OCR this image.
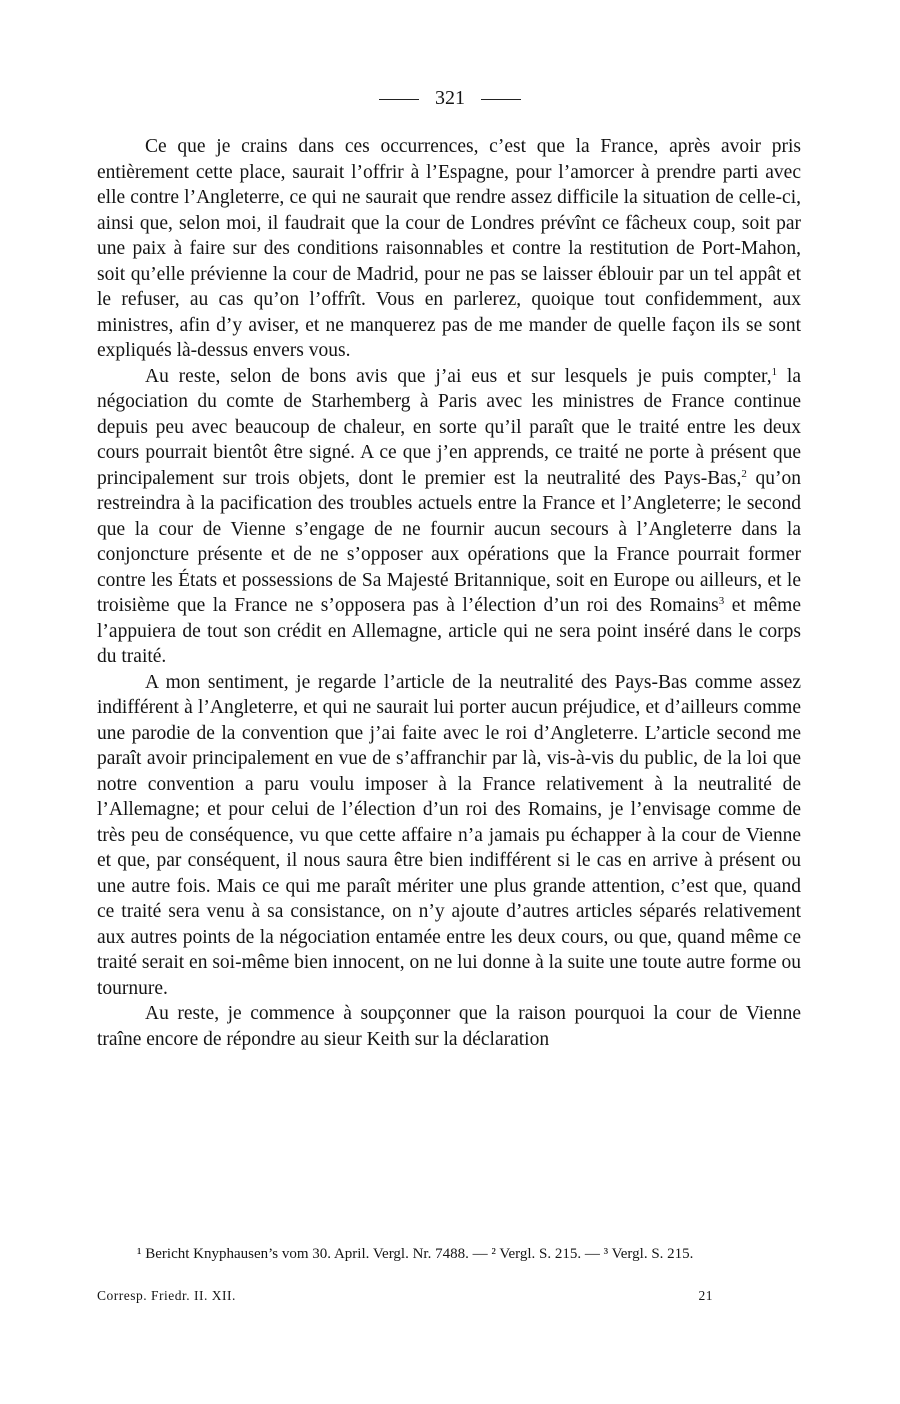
321

Ce que je crains dans ces occurrences, c’est que la France, après avoir pris entièrement cette place, saurait l’offrir à l’Espagne, pour l’amorcer à prendre parti avec elle contre l’Angleterre, ce qui ne saurait que rendre assez difficile la situation de celle-ci, ainsi que, selon moi, il faudrait que la cour de Londres prévînt ce fâcheux coup, soit par une paix à faire sur des conditions raisonnables et contre la restitution de Port-Mahon, soit qu’elle prévienne la cour de Madrid, pour ne pas se laisser éblouir par un tel appât et le refuser, au cas qu’on l’offrît. Vous en parlerez, quoique tout confidemment, aux ministres, afin d’y aviser, et ne manquerez pas de me mander de quelle façon ils se sont expliqués là-dessus envers vous.

Au reste, selon de bons avis que j’ai eus et sur lesquels je puis compter,$^1$ la négociation du comte de Starhemberg à Paris avec les ministres de France continue depuis peu avec beaucoup de chaleur, en sorte qu’il paraît que le traité entre les deux cours pourrait bientôt être signé. A ce que j’en apprends, ce traité ne porte à présent que principalement sur trois objets, dont le premier est la neutralité des Pays-Bas,$^2$ qu’on restreindra à la pacification des troubles actuels entre la France et l’Angleterre; le second que la cour de Vienne s’engage de ne fournir aucun secours à l’Angleterre dans la conjoncture présente et de ne s’opposer aux opérations que la France pourrait former contre les États et possessions de Sa Majesté Britannique, soit en Europe ou ailleurs, et le troisième que la France ne s’opposera pas à l’élection d’un roi des Romains$^3$ et même l’appuiera de tout son crédit en Allemagne, article qui ne sera point inséré dans le corps du traité.

A mon sentiment, je regarde l’article de la neutralité des Pays-Bas comme assez indifférent à l’Angleterre, et qui ne saurait lui porter aucun préjudice, et d’ailleurs comme une parodie de la convention que j’ai faite avec le roi d’Angleterre. L’article second me paraît avoir principalement en vue de s’affranchir par là, vis-à-vis du public, de la loi que notre convention a paru voulu imposer à la France relativement à la neutralité de l’Allemagne; et pour celui de l’élection d’un roi des Romains, je l’envisage comme de très peu de conséquence, vu que cette affaire n’a jamais pu échapper à la cour de Vienne et que, par conséquent, il nous saura être bien indifférent si le cas en arrive à présent ou une autre fois. Mais ce qui me paraît mériter une plus grande attention, c’est que, quand ce traité sera venu à sa consistance, on n’y ajoute d’autres articles séparés relativement aux autres points de la négociation entamée entre les deux cours, ou que, quand même ce traité serait en soi-même bien innocent, on ne lui donne à la suite une toute autre forme ou tournure.

Au reste, je commence à soupçonner que la raison pourquoi la cour de Vienne traîne encore de répondre au sieur Keith sur la déclaration

¹ Bericht Knyphausen’s vom 30. April. Vergl. Nr. 7488. — ² Vergl. S. 215. — ³ Vergl. S. 215.

Corresp. Friedr. II. XII.	21
